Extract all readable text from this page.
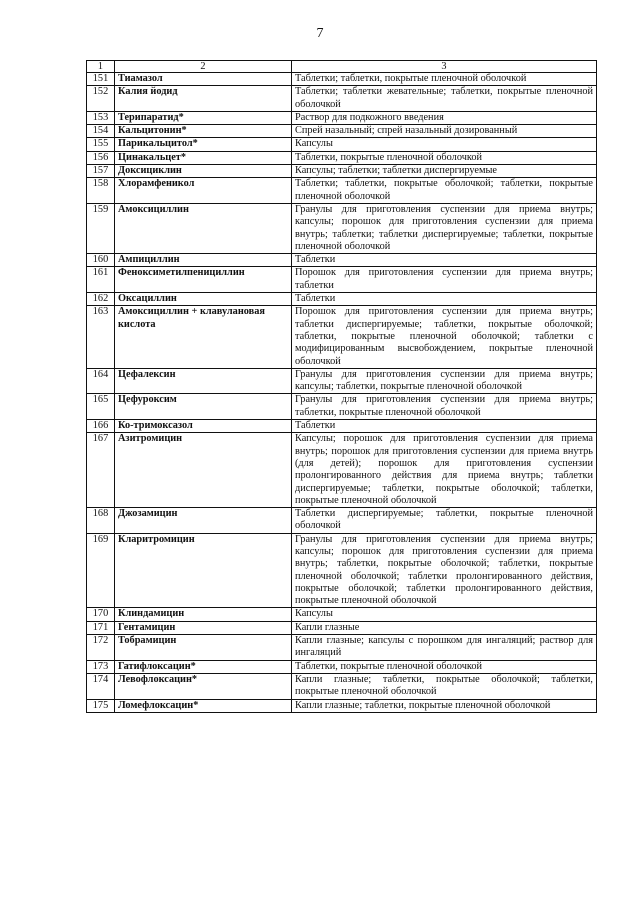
7
1	2	3
151	Тиамазол	Таблетки; таблетки, покрытые пленочной оболочкой
152	Калия йодид	Таблетки; таблетки жевательные; таблетки, покрытые пленочной оболочкой
153	Терипаратид*	Раствор для подкожного введения
154	Кальцитонин*	Спрей назальный; спрей назальный дозированный
155	Парикальцитол*	Капсулы
156	Цинакальцет*	Таблетки, покрытые пленочной оболочкой
157	Доксициклин	Капсулы; таблетки; таблетки диспергируемые
158	Хлорамфеникол	Таблетки; таблетки, покрытые оболочкой; таблетки, покрытые пленочной оболочкой
159	Амоксициллин	Гранулы для приготовления суспензии для приема внутрь; капсулы; порошок для приготовления суспензии для приема внутрь; таблетки; таблетки диспергируемые; таблетки, покрытые пленочной оболочкой
160	Ампициллин	Таблетки
161	Феноксиметилпенициллин	Порошок для приготовления суспензии для приема внутрь; таблетки
162	Оксациллин	Таблетки
163	Амоксициллин + клавулановая кислота	Порошок для приготовления суспензии для приема внутрь; таблетки диспергируемые; таблетки, покрытые оболочкой; таблетки, покрытые пленочной оболочкой; таблетки с модифицированным высвобождением, покрытые пленочной оболочкой
164	Цефалексин	Гранулы для приготовления суспензии для приема внутрь; капсулы; таблетки, покрытые пленочной оболочкой
165	Цефуроксим	Гранулы для приготовления суспензии для приема внутрь; таблетки, покрытые пленочной оболочкой
166	Ко-тримоксазол	Таблетки
167	Азитромицин	Капсулы; порошок для приготовления суспензии для приема внутрь; порошок для приготовления суспензии для приема внутрь (для детей); порошок для приготовления суспензии пролонгированного действия для приема внутрь; таблетки диспергируемые; таблетки, покрытые оболочкой; таблетки, покрытые пленочной оболочкой
168	Джозамицин	Таблетки диспергируемые; таблетки, покрытые пленочной оболочкой
169	Кларитромицин	Гранулы для приготовления суспензии для приема внутрь; капсулы; порошок для приготовления суспензии для приема внутрь; таблетки, покрытые оболочкой; таблетки, покрытые пленочной оболочкой; таблетки пролонгированного действия, покрытые оболочкой; таблетки пролонгированного действия, покрытые пленочной оболочкой
170	Клиндамицин	Капсулы
171	Гентамицин	Капли глазные
172	Тобрамицин	Капли глазные; капсулы с порошком для ингаляций; раствор для ингаляций
173	Гатифлоксацин*	Таблетки, покрытые пленочной оболочкой
174	Левофлоксацин*	Капли глазные; таблетки, покрытые оболочкой; таблетки, покрытые пленочной оболочкой
175	Ломефлоксацин*	Капли глазные; таблетки, покрытые пленочной оболочкой
